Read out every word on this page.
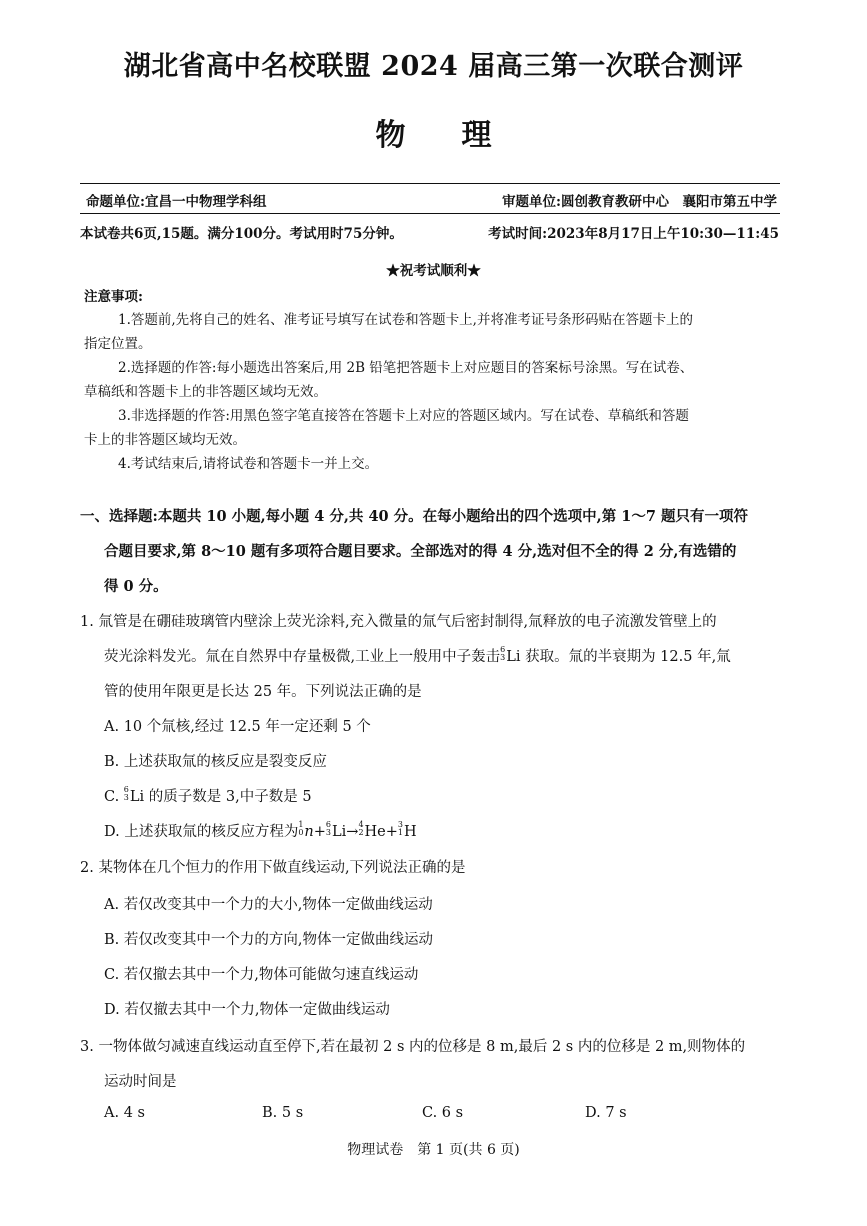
湖北省高中名校联盟 2024 届高三第一次联合测评
物 理
命题单位:宜昌一中物理学科组	审题单位:圆创教育教研中心　襄阳市第五中学
本试卷共6页,15题。满分100分。考试用时75分钟。	考试时间:2023年8月17日上午10:30—11:45
★祝考试顺利★
注意事项:
1.答题前,先将自己的姓名、准考证号填写在试卷和答题卡上,并将准考证号条形码贴在答题卡上的
指定位置。
2.选择题的作答:每小题选出答案后,用 2B 铅笔把答题卡上对应题目的答案标号涂黑。写在试卷、
草稿纸和答题卡上的非答题区域均无效。
3.非选择题的作答:用黑色签字笔直接答在答题卡上对应的答题区域内。写在试卷、草稿纸和答题
卡上的非答题区域均无效。
4.考试结束后,请将试卷和答题卡一并上交。
一、选择题:本题共 10 小题,每小题 4 分,共 40 分。在每小题给出的四个选项中,第 1～7 题只有一项符
合题目要求,第 8～10 题有多项符合题目要求。全部选对的得 4 分,选对但不全的得 2 分,有选错的
得 0 分。
1. 氚管是在硼硅玻璃管内壁涂上荧光涂料,充入微量的氚气后密封制得,氚释放的电子流激发管壁上的
荧光涂料发光。氚在自然界中存量极微,工业上一般用中子轰击6
3Li 获取。氚的半衰期为 12.5 年,氚
管的使用年限更是长达 25 年。下列说法正确的是
A. 10 个氚核,经过 12.5 年一定还剩 5 个
B. 上述获取氚的核反应是裂变反应
C. 6
3Li 的质子数是 3,中子数是 5
D. 上述获取氚的核反应方程为1
0n+6
3Li→4
2He+3
1H
2. 某物体在几个恒力的作用下做直线运动,下列说法正确的是
A. 若仅改变其中一个力的大小,物体一定做曲线运动
B. 若仅改变其中一个力的方向,物体一定做曲线运动
C. 若仅撤去其中一个力,物体可能做匀速直线运动
D. 若仅撤去其中一个力,物体一定做曲线运动
3. 一物体做匀减速直线运动直至停下,若在最初 2 s 内的位移是 8 m,最后 2 s 内的位移是 2 m,则物体的
运动时间是
A. 4 s	B. 5 s	C. 6 s	D. 7 s
物理试卷　第 1 页(共 6 页)
